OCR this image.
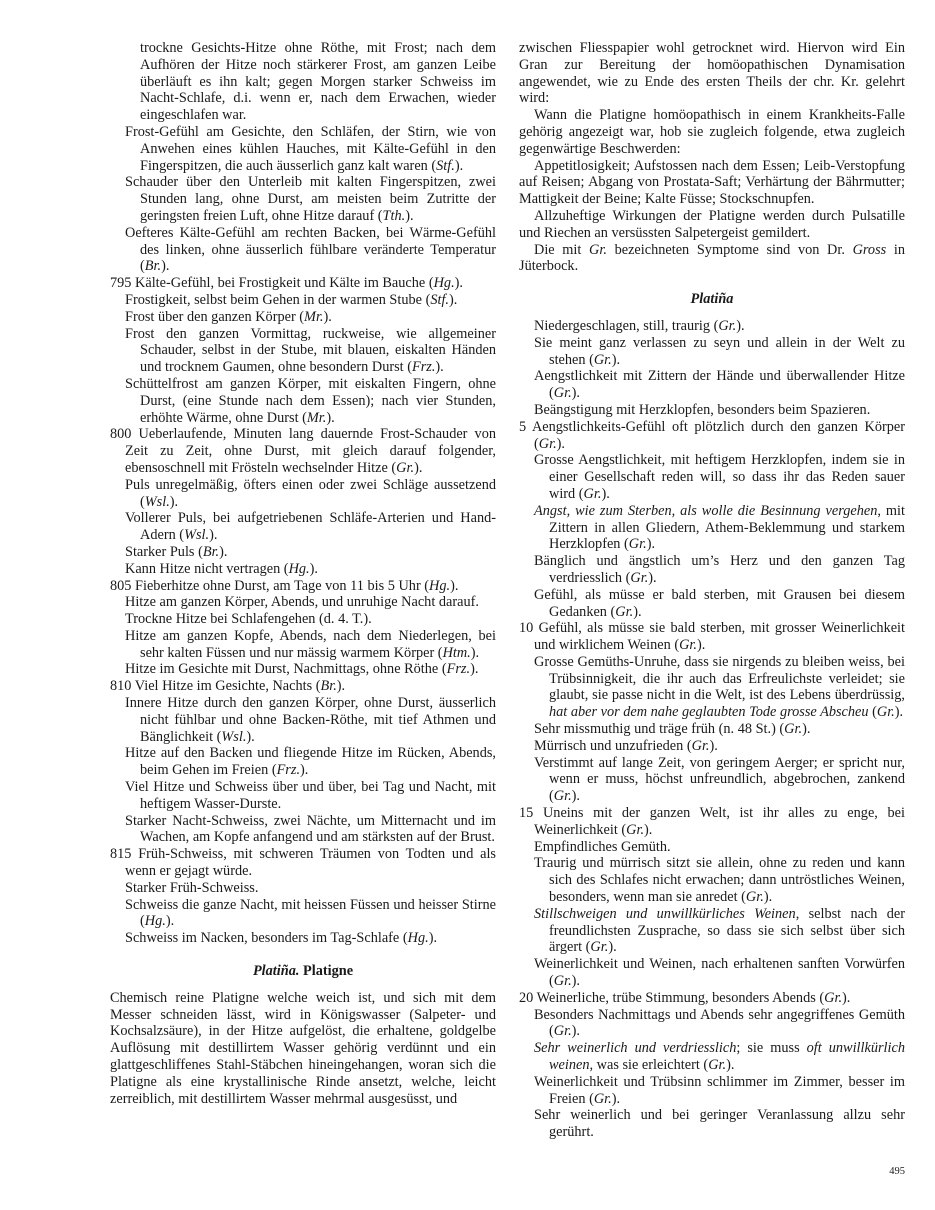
trockne Gesichts-Hitze ohne Röthe, mit Frost; nach dem Aufhören der Hitze noch stärkerer Frost, am ganzen Leibe überläuft es ihn kalt; gegen Morgen starker Schweiss im Nacht-Schlafe, d.i. wenn er, nach dem Erwachen, wieder eingeschlafen war.
Frost-Gefühl am Gesichte, den Schläfen, der Stirn, wie von Anwehen eines kühlen Hauches, mit Kälte-Gefühl in den Fingerspitzen, die auch äusserlich ganz kalt waren (Stf.).
Schauder über den Unterleib mit kalten Fingerspitzen, zwei Stunden lang, ohne Durst, am meisten beim Zutritte der geringsten freien Luft, ohne Hitze darauf (Tth.).
Oefteres Kälte-Gefühl am rechten Backen, bei Wärme-Gefühl des linken, ohne äusserlich fühlbare veränderte Temperatur (Br.).
795 Kälte-Gefühl, bei Frostigkeit und Kälte im Bauche (Hg.).
Frostigkeit, selbst beim Gehen in der warmen Stube (Stf.).
Frost über den ganzen Körper (Mr.).
Frost den ganzen Vormittag, ruckweise, wie allgemeiner Schauder, selbst in der Stube, mit blauen, eiskalten Händen und trocknem Gaumen, ohne besondern Durst (Frz.).
Schüttelfrost am ganzen Körper, mit eiskalten Fingern, ohne Durst, (eine Stunde nach dem Essen); nach vier Stunden, erhöhte Wärme, ohne Durst (Mr.).
800 Ueberlaufende, Minuten lang dauernde Frost-Schauder von Zeit zu Zeit, ohne Durst, mit gleich darauf folgender, ebensoschnell mit Frösteln wechselnder Hitze (Gr.).
Puls unregelmäßig, öfters einen oder zwei Schläge aussetzend (Wsl.).
Vollerer Puls, bei aufgetriebenen Schläfe-Arterien und Hand-Adern (Wsl.).
Starker Puls (Br.).
Kann Hitze nicht vertragen (Hg.).
805 Fieberhitze ohne Durst, am Tage von 11 bis 5 Uhr (Hg.).
Hitze am ganzen Körper, Abends, und unruhige Nacht darauf.
Trockne Hitze bei Schlafengehen (d. 4. T.).
Hitze am ganzen Kopfe, Abends, nach dem Niederlegen, bei sehr kalten Füssen und nur mässig warmem Körper (Htm.).
Hitze im Gesichte mit Durst, Nachmittags, ohne Röthe (Frz.).
810 Viel Hitze im Gesichte, Nachts (Br.).
Innere Hitze durch den ganzen Körper, ohne Durst, äusserlich nicht fühlbar und ohne Backen-Röthe, mit tief Athmen und Bänglichkeit (Wsl.).
Hitze auf den Backen und fliegende Hitze im Rücken, Abends, beim Gehen im Freien (Frz.).
Viel Hitze und Schweiss über und über, bei Tag und Nacht, mit heftigem Wasser-Durste.
Starker Nacht-Schweiss, zwei Nächte, um Mitternacht und im Wachen, am Kopfe anfangend und am stärksten auf der Brust.
815 Früh-Schweiss, mit schweren Träumen von Todten und als wenn er gejagt würde.
Starker Früh-Schweiss.
Schweiss die ganze Nacht, mit heissen Füssen und heisser Stirne (Hg.).
Schweiss im Nacken, besonders im Tag-Schlafe (Hg.).
Platiña. Platigne
Chemisch reine Platigne welche weich ist, und sich mit dem Messer schneiden lässt, wird in Königswasser (Salpeter- und Kochsalzsäure), in der Hitze aufgelöst, die erhaltene, goldgelbe Auflösung mit destillirtem Wasser gehörig verdünnt und ein glattgeschliffenes Stahl-Stäbchen hineingehangen, woran sich die Platigne als eine krystallinische Rinde ansetzt, welche, leicht zerreiblich, mit destillirtem Wasser mehrmal ausgesüsst, und
zwischen Fliesspapier wohl getrocknet wird. Hiervon wird Ein Gran zur Bereitung der homöopathischen Dynamisation angewendet, wie zu Ende des ersten Theils der chr. Kr. gelehrt wird:
Wann die Platigne homöopathisch in einem Krankheits-Falle gehörig angezeigt war, hob sie zugleich folgende, etwa zugleich gegenwärtige Beschwerden:
Appetitlosigkeit; Aufstossen nach dem Essen; Leib-Verstopfung auf Reisen; Abgang von Prostata-Saft; Verhärtung der Bährmutter; Mattigkeit der Beine; Kalte Füsse; Stockschnupfen.
Allzuheftige Wirkungen der Platigne werden durch Pulsatille und Riechen an versüssten Salpetergeist gemildert.
Die mit Gr. bezeichneten Symptome sind von Dr. Gross in Jüterbock.
Platiña
Niedergeschlagen, still, traurig (Gr.).
Sie meint ganz verlassen zu seyn und allein in der Welt zu stehen (Gr.).
Aengstlichkeit mit Zittern der Hände und überwallender Hitze (Gr.).
Beängstigung mit Herzklopfen, besonders beim Spazieren.
5 Aengstlichkeits-Gefühl oft plötzlich durch den ganzen Körper (Gr.).
Grosse Aengstlichkeit, mit heftigem Herzklopfen, indem sie in einer Gesellschaft reden will, so dass ihr das Reden sauer wird (Gr.).
Angst, wie zum Sterben, als wolle die Besinnung vergehen, mit Zittern in allen Gliedern, Athem-Beklemmung und starkem Herzklopfen (Gr.).
Bänglich und ängstlich um’s Herz und den ganzen Tag verdriesslich (Gr.).
Gefühl, als müsse er bald sterben, mit Grausen bei diesem Gedanken (Gr.).
10 Gefühl, als müsse sie bald sterben, mit grosser Weinerlichkeit und wirklichem Weinen (Gr.).
Grosse Gemüths-Unruhe, dass sie nirgends zu bleiben weiss, bei Trübsinnigkeit, die ihr auch das Erfreulichste verleidet; sie glaubt, sie passe nicht in die Welt, ist des Lebens überdrüssig, hat aber vor dem nahe geglaubten Tode grosse Abscheu (Gr.).
Sehr missmuthig und träge früh (n. 48 St.) (Gr.).
Mürrisch und unzufrieden (Gr.).
Verstimmt auf lange Zeit, von geringem Aerger; er spricht nur, wenn er muss, höchst unfreundlich, abgebrochen, zankend (Gr.).
15 Uneins mit der ganzen Welt, ist ihr alles zu enge, bei Weinerlichkeit (Gr.).
Empfindliches Gemüth.
Traurig und mürrisch sitzt sie allein, ohne zu reden und kann sich des Schlafes nicht erwachen; dann untröstliches Weinen, besonders, wenn man sie anredet (Gr.).
Stillschweigen und unwillkürliches Weinen, selbst nach der freundlichsten Zusprache, so dass sie sich selbst über sich ärgert (Gr.).
Weinerlichkeit und Weinen, nach erhaltenen sanften Vorwürfen (Gr.).
20 Weinerliche, trübe Stimmung, besonders Abends (Gr.).
Besonders Nachmittags und Abends sehr angegriffenes Gemüth (Gr.).
Sehr weinerlich und verdriesslich; sie muss oft unwillkürlich weinen, was sie erleichtert (Gr.).
Weinerlichkeit und Trübsinn schlimmer im Zimmer, besser im Freien (Gr.).
Sehr weinerlich und bei geringer Veranlassung allzu sehr gerührt.
495
